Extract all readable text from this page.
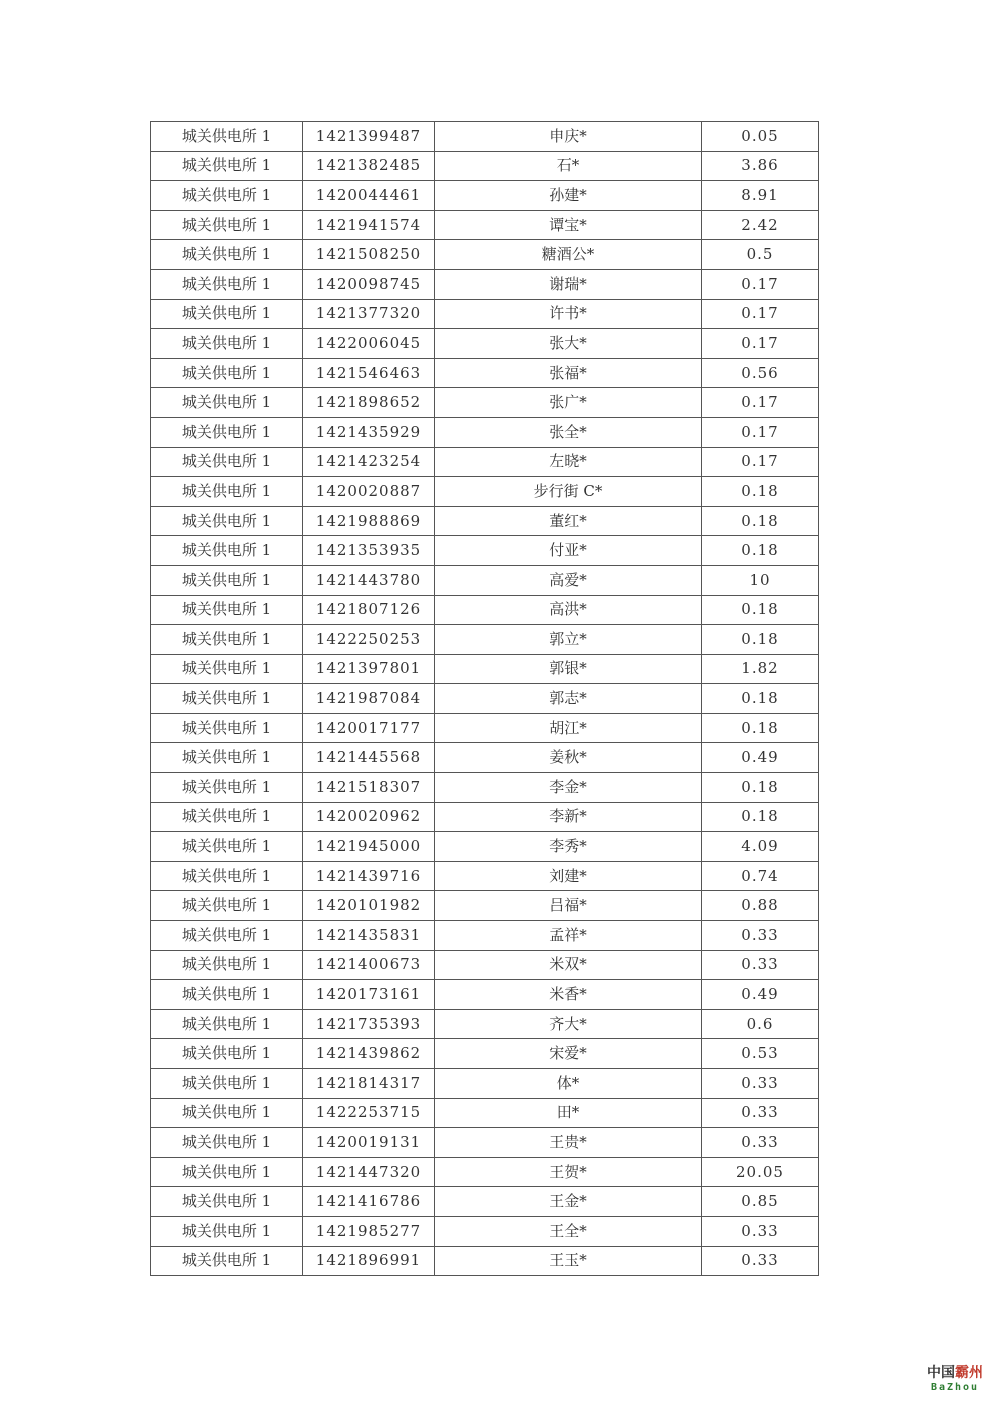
城关供电所 1	1421399487	申庆*	0.05
城关供电所 1	1421382485	石*	3.86
城关供电所 1	1420044461	孙建*	8.91
城关供电所 1	1421941574	谭宝*	2.42
城关供电所 1	1421508250	糖酒公*	0.5
城关供电所 1	1420098745	谢瑞*	0.17
城关供电所 1	1421377320	许书*	0.17
城关供电所 1	1422006045	张大*	0.17
城关供电所 1	1421546463	张福*	0.56
城关供电所 1	1421898652	张广*	0.17
城关供电所 1	1421435929	张全*	0.17
城关供电所 1	1421423254	左晓*	0.17
城关供电所 1	1420020887	步行街 C*	0.18
城关供电所 1	1421988869	董红*	0.18
城关供电所 1	1421353935	付亚*	0.18
城关供电所 1	1421443780	高爱*	10
城关供电所 1	1421807126	高洪*	0.18
城关供电所 1	1422250253	郭立*	0.18
城关供电所 1	1421397801	郭银*	1.82
城关供电所 1	1421987084	郭志*	0.18
城关供电所 1	1420017177	胡江*	0.18
城关供电所 1	1421445568	姜秋*	0.49
城关供电所 1	1421518307	李金*	0.18
城关供电所 1	1420020962	李新*	0.18
城关供电所 1	1421945000	李秀*	4.09
城关供电所 1	1421439716	刘建*	0.74
城关供电所 1	1420101982	吕福*	0.88
城关供电所 1	1421435831	孟祥*	0.33
城关供电所 1	1421400673	米双*	0.33
城关供电所 1	1420173161	米香*	0.49
城关供电所 1	1421735393	齐大*	0.6
城关供电所 1	1421439862	宋爱*	0.53
城关供电所 1	1421814317	体*	0.33
城关供电所 1	1422253715	田*	0.33
城关供电所 1	1420019131	王贵*	0.33
城关供电所 1	1421447320	王贺*	20.05
城关供电所 1	1421416786	王金*	0.85
城关供电所 1	1421985277	王全*	0.33
城关供电所 1	1421896991	王玉*	0.33
中国霸州
BaZhou
